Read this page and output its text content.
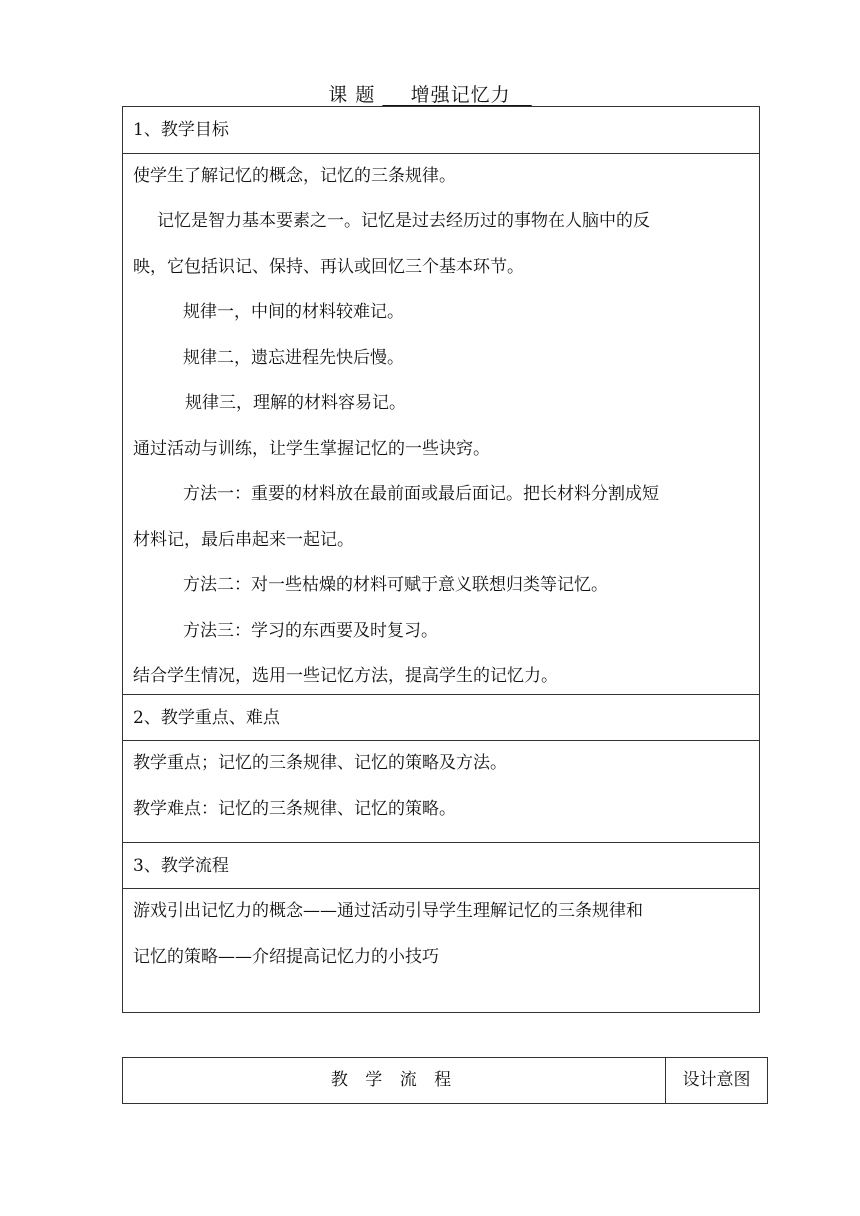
课 题 增强记忆力
1、教学目标
使学生了解记忆的概念，记忆的三条规律。
记忆是智力基本要素之一。记忆是过去经历过的事物在人脑中的反
映，它包括识记、保持、再认或回忆三个基本环节。
规律一，中间的材料较难记。
规律二，遗忘进程先快后慢。
规律三，理解的材料容易记。
通过活动与训练，让学生掌握记忆的一些诀窍。
方法一：重要的材料放在最前面或最后面记。把长材料分割成短
材料记，最后串起来一起记。
方法二：对一些枯燥的材料可赋于意义联想归类等记忆。
方法三：学习的东西要及时复习。
结合学生情况，选用一些记忆方法，提高学生的记忆力。
2、教学重点、难点
教学重点；记忆的三条规律、记忆的策略及方法。
教学难点：记忆的三条规律、记忆的策略。
3、教学流程
游戏引出记忆力的概念——通过活动引导学生理解记忆的三条规律和
记忆的策略——介绍提高记忆力的小技巧
教 学 流 程	设计意图
